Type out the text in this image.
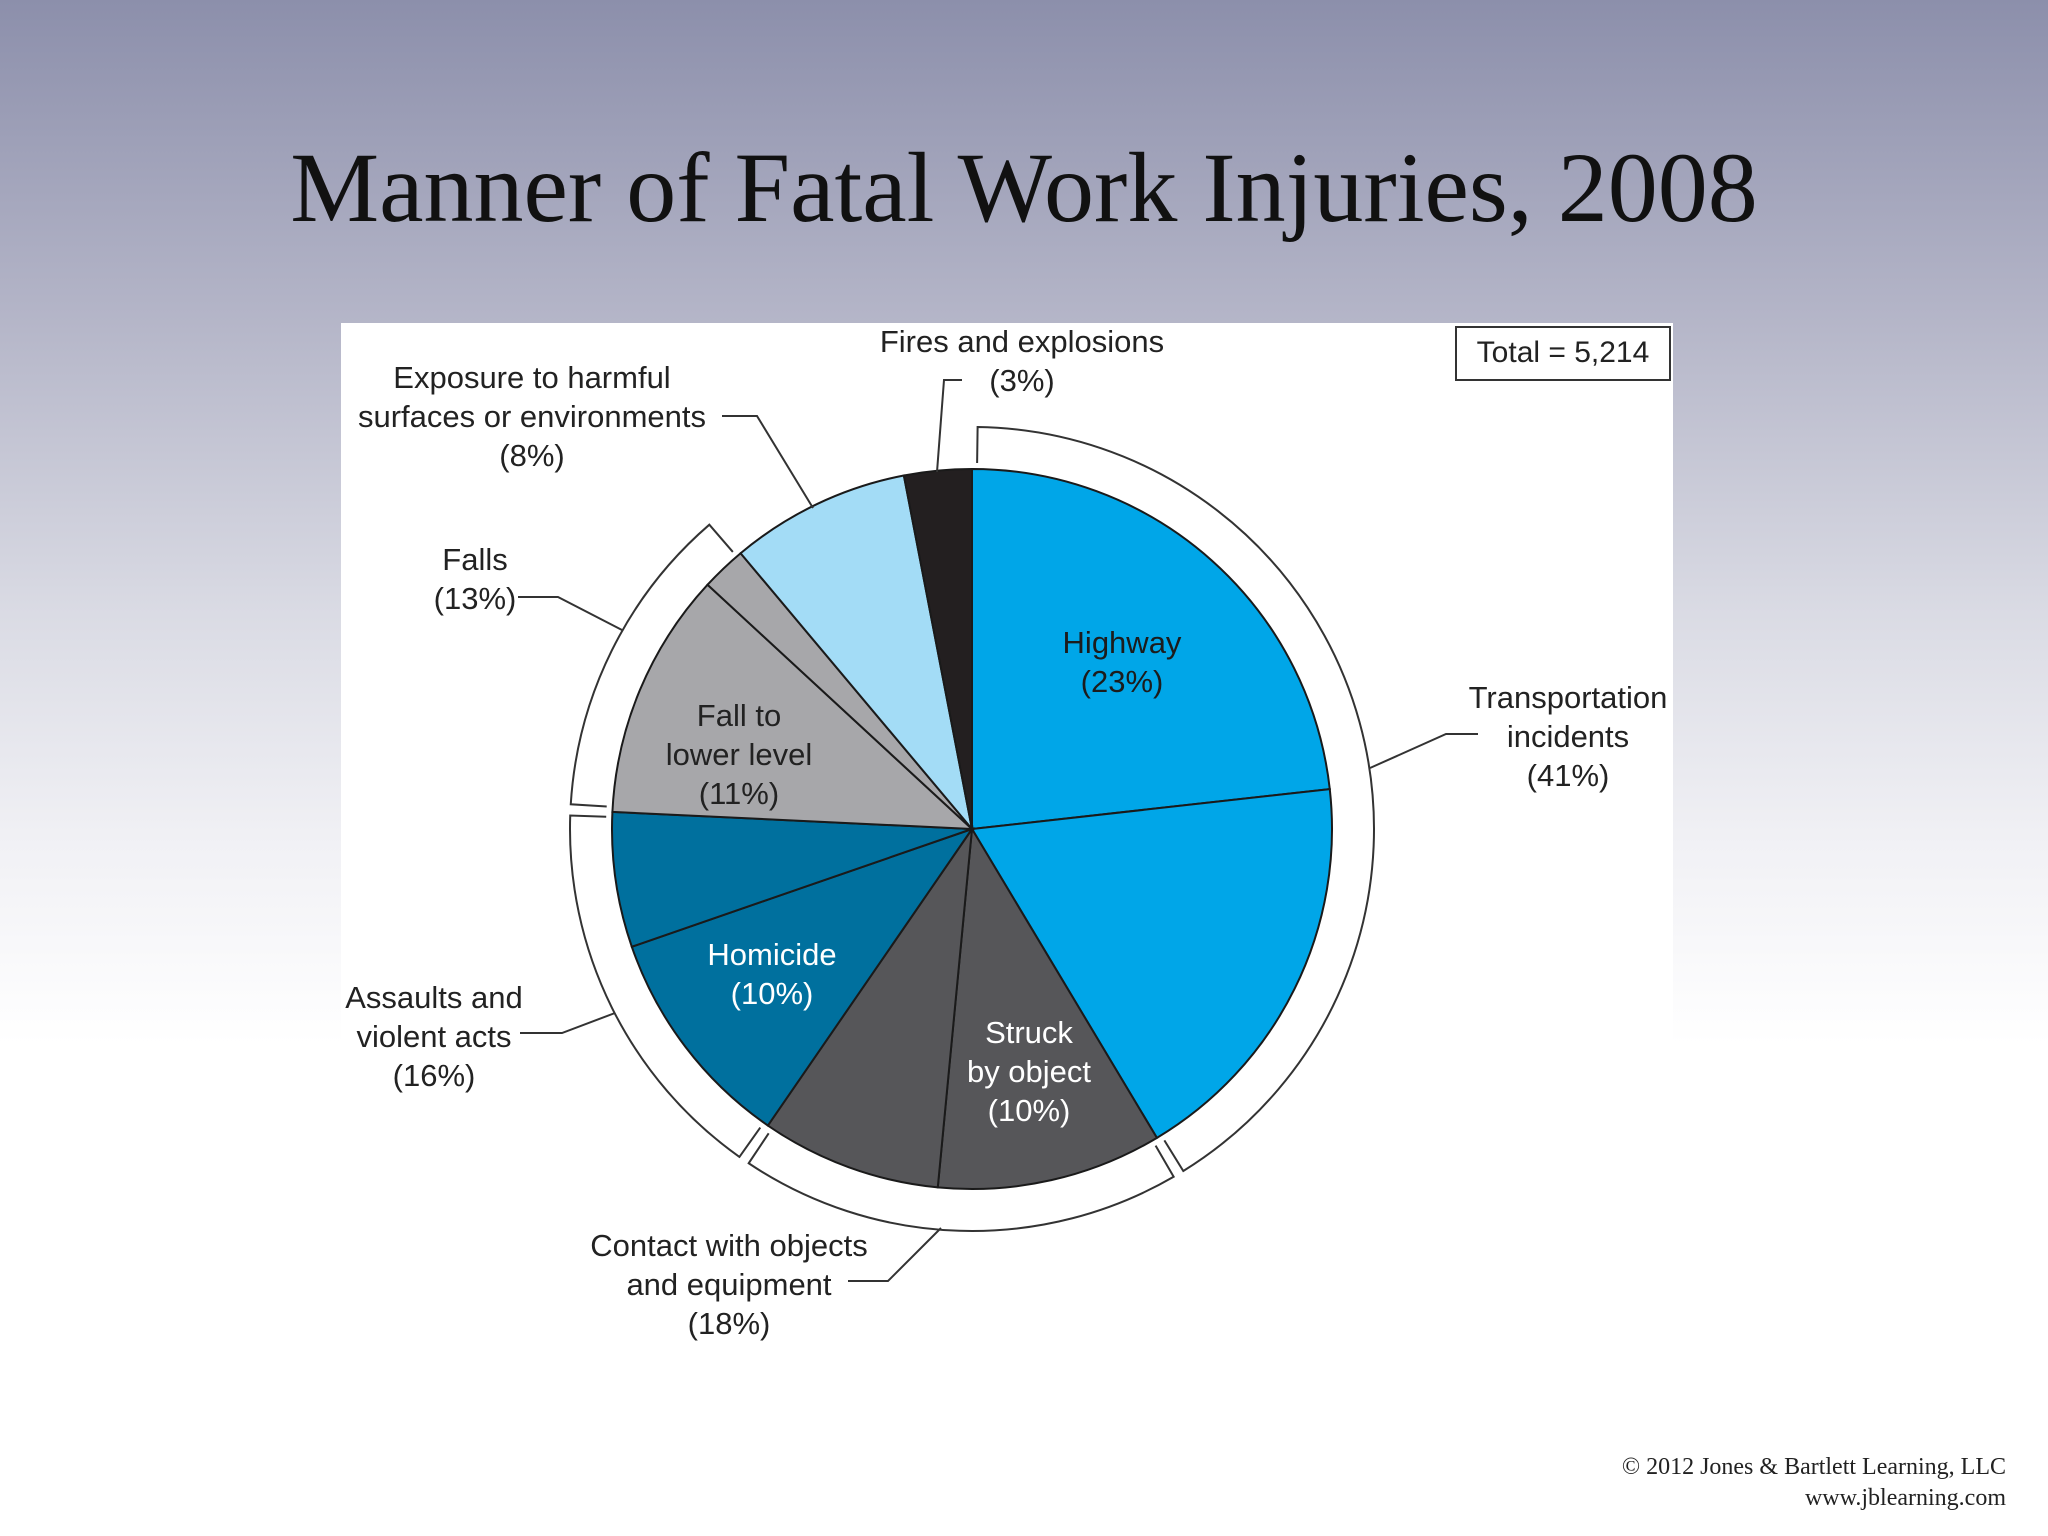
Manner of Fatal Work Injuries, 2008
Total = 5,214
Highway
(23%)
Fall to
lower level
(11%)
Homicide
(10%)
Struck
by object
(10%)
Fires and explosions
(3%)
Exposure to harmful
surfaces or environments
(8%)
Falls
(13%)
Transportation
incidents
(41%)
Assaults and
violent acts
(16%)
Contact with objects
and equipment
(18%)
© 2012 Jones & Bartlett Learning, LLC
www.jblearning.com
